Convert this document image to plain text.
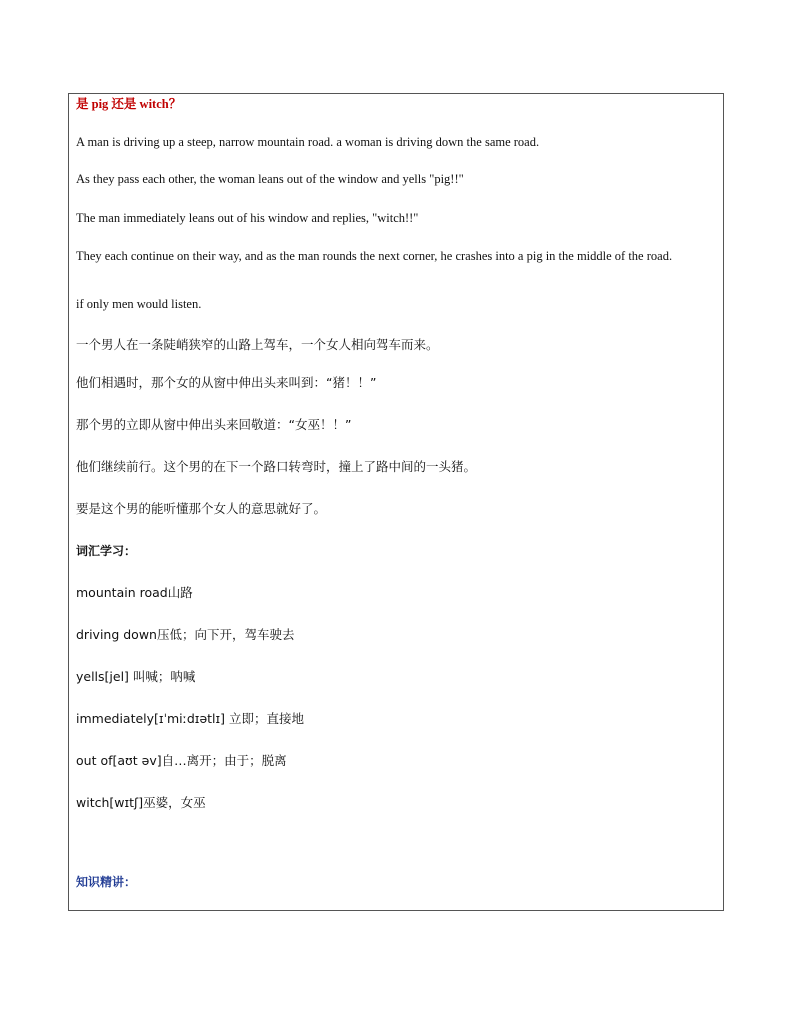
是 pig 还是 witch？
A man is driving up a steep, narrow mountain road. a woman is driving down the same road.
As they pass each other, the woman leans out of the window and yells "pig!!"
The man immediately leans out of his window and replies, "witch!!"
They each continue on their way, and as the man rounds the next corner, he crashes into a pig in the middle of the road.
if only men would listen.
一个男人在一条陡峭狭窄的山路上驾车，一个女人相向驾车而来。
他们相遇时，那个女的从窗中伸出头来叫到：“猪！！”
那个男的立即从窗中伸出头来回敬道：“女巫！！”
他们继续前行。这个男的在下一个路口转弯时，撞上了路中间的一头猪。
要是这个男的能听懂那个女人的意思就好了。
词汇学习：
mountain road山路
driving down压低；向下开，驾车驶去
yells[jel] 叫喊；呐喊
immediately[ɪˈmiːdɪətlɪ] 立即；直接地
out of[aʊt əv]自…离开；由于；脱离
witch[wɪtʃ]巫婆，女巫
知识精讲：
